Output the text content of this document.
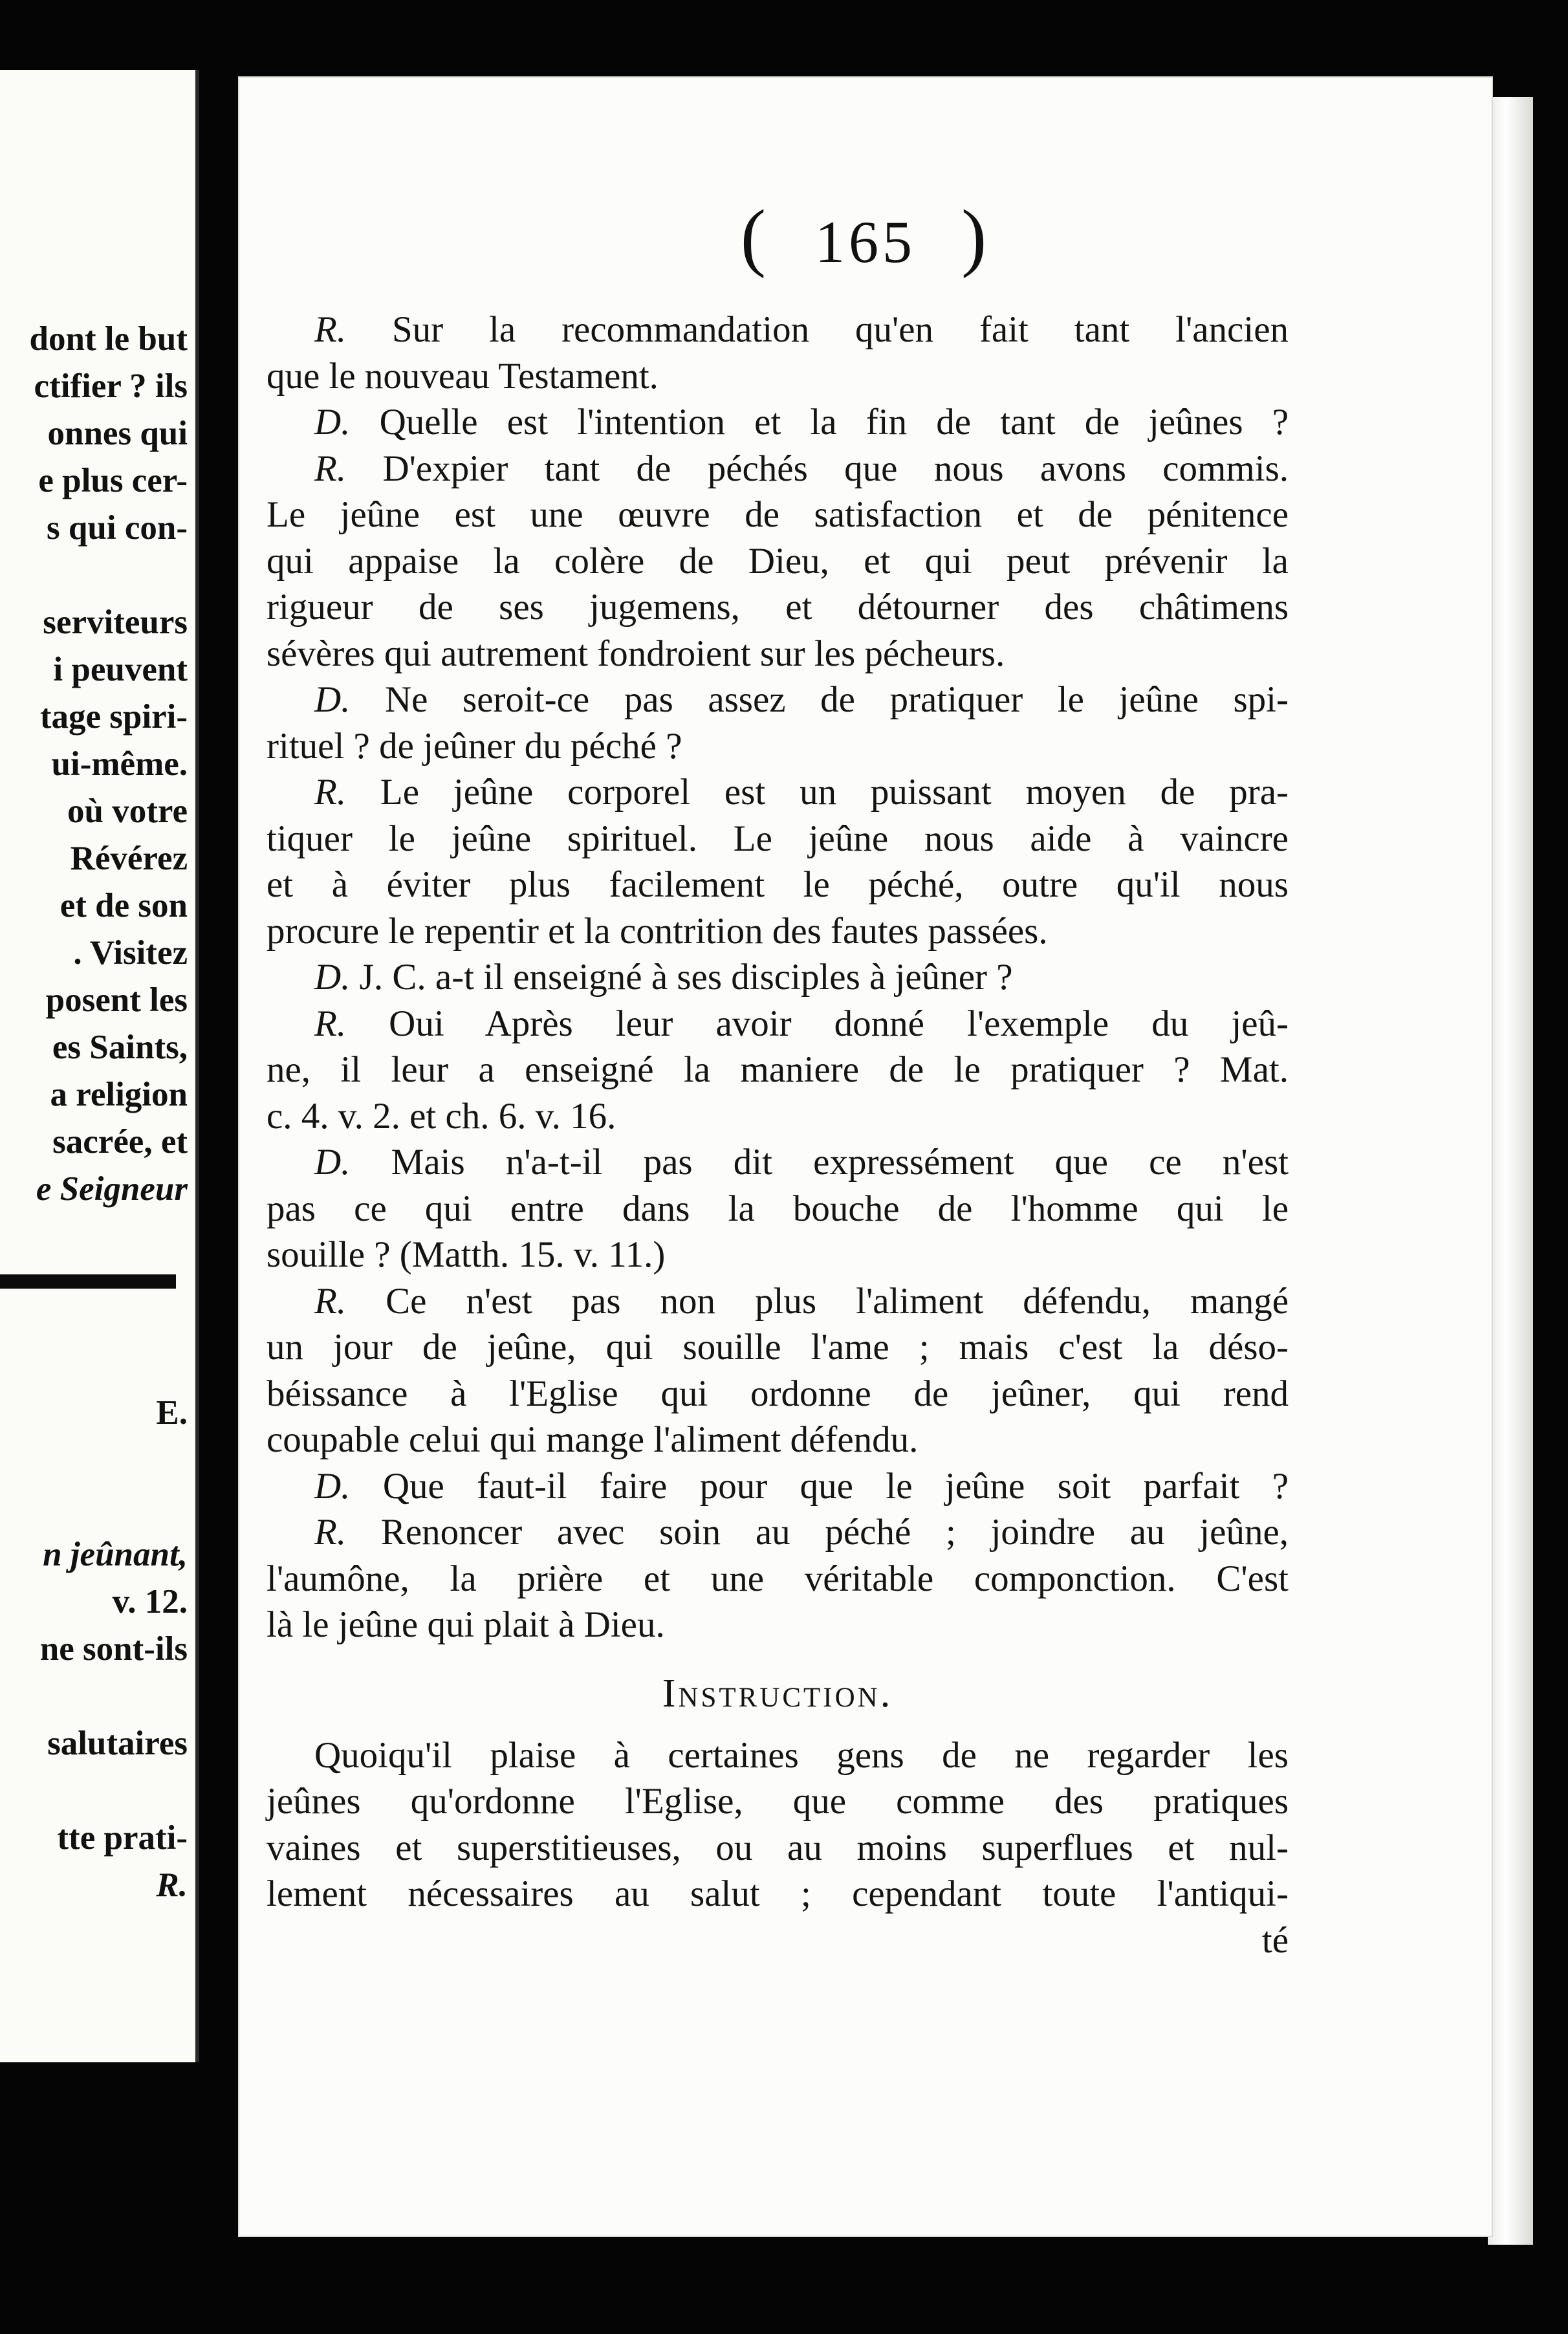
dont le but
ctifier ? ils
onnes qui
e plus cer-
s qui con-
serviteurs
i peuvent
tage spiri-
ui-même.
où votre
Révérez
et de son
. Visitez
posent les
es Saints,
a religion
sacrée, et
e Seigneur
E.
n jeûnant,
v. 12.
ne sont-ils
salutaires
tte prati-
R.
( 165 )
R. Sur la recommandation qu'en fait tant l'ancien
que le nouveau Testament.
D. Quelle est l'intention et la fin de tant de jeûnes ?
R. D'expier tant de péchés que nous avons commis.
Le jeûne est une œuvre de satisfaction et de pénitence
qui appaise la colère de Dieu, et qui peut prévenir la
rigueur de ses jugemens, et détourner des châtimens
sévères qui autrement fondroient sur les pécheurs.
D. Ne seroit-ce pas assez de pratiquer le jeûne spi-
rituel ? de jeûner du péché ?
R. Le jeûne corporel est un puissant moyen de pra-
tiquer le jeûne spirituel. Le jeûne nous aide à vaincre
et à éviter plus facilement le péché, outre qu'il nous
procure le repentir et la contrition des fautes passées.
D. J. C. a-t il enseigné à ses disciples à jeûner ?
R. Oui Après leur avoir donné l'exemple du jeû-
ne, il leur a enseigné la maniere de le pratiquer ? Mat.
c. 4. v. 2. et ch. 6. v. 16.
D. Mais n'a-t-il pas dit expressément que ce n'est
pas ce qui entre dans la bouche de l'homme qui le
souille ? (Matth. 15. v. 11.)
R. Ce n'est pas non plus l'aliment défendu, mangé
un jour de jeûne, qui souille l'ame ; mais c'est la déso-
béissance à l'Eglise qui ordonne de jeûner, qui rend
coupable celui qui mange l'aliment défendu.
D. Que faut-il faire pour que le jeûne soit parfait ?
R. Renoncer avec soin au péché ; joindre au jeûne,
l'aumône, la prière et une véritable componction. C'est
là le jeûne qui plait à Dieu.
Instruction.
Quoiqu'il plaise à certaines gens de ne regarder les
jeûnes qu'ordonne l'Eglise, que comme des pratiques
vaines et superstitieuses, ou au moins superflues et nul-
lement nécessaires au salut ; cependant toute l'antiqui-
té
